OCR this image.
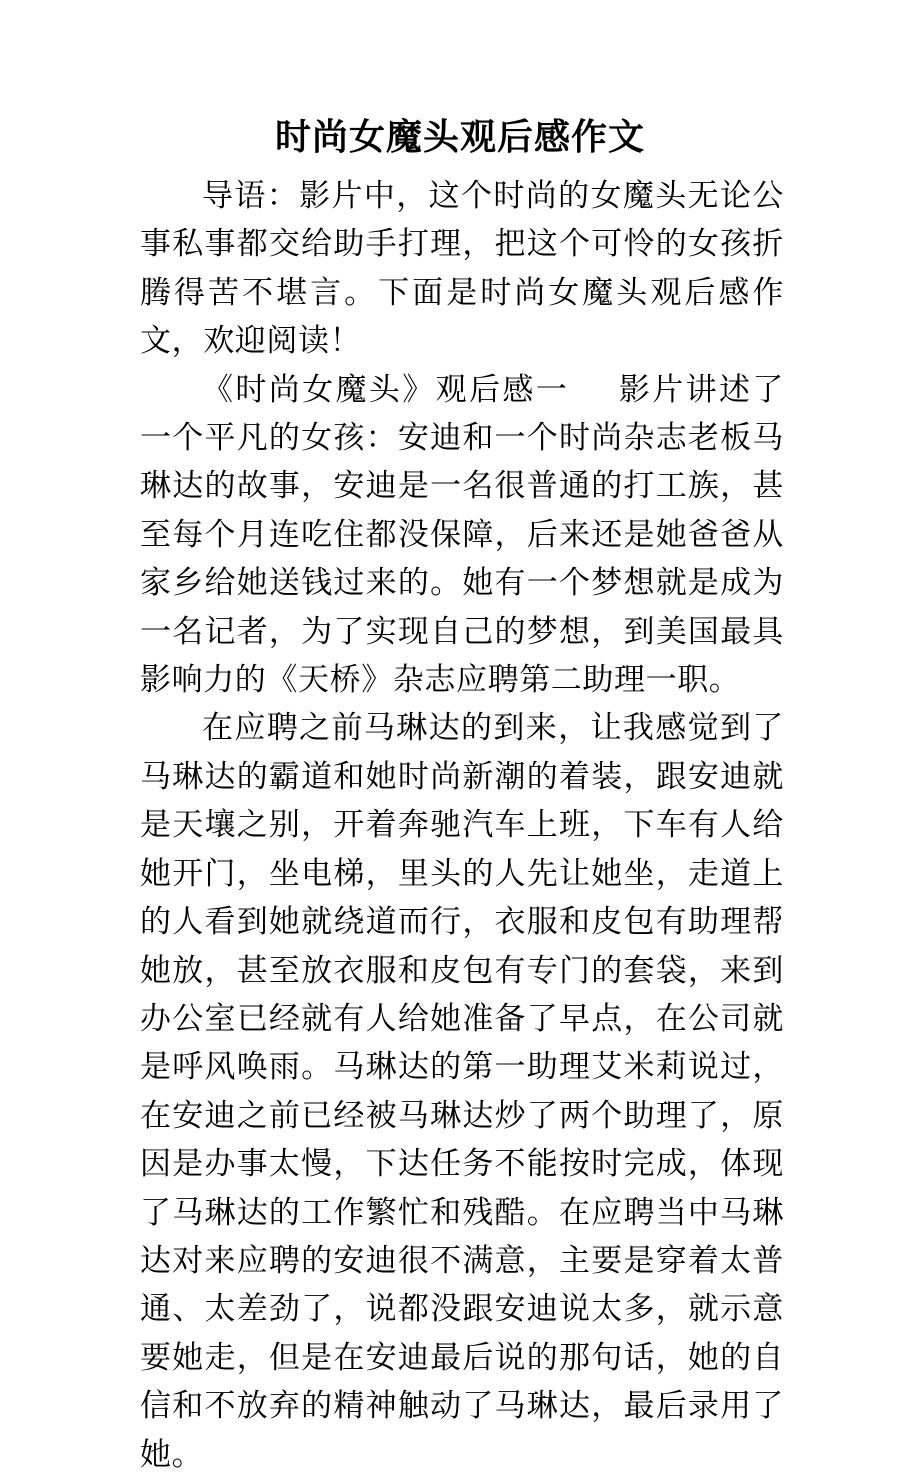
时尚女魔头观后感作文

导语：影片中，这个时尚的女魔头无论公事私事都交给助手打理，把这个可怜的女孩折腾得苦不堪言。下面是时尚女魔头观后感作文，欢迎阅读！

《时尚女魔头》观后感一 影片讲述了一个平凡的女孩：安迪和一个时尚杂志老板马琳达的故事，安迪是一名很普通的打工族，甚至每个月连吃住都没保障，后来还是她爸爸从家乡给她送钱过来的。她有一个梦想就是成为一名记者，为了实现自己的梦想，到美国最具影响力的《天桥》杂志应聘第二助理一职。

在应聘之前马琳达的到来，让我感觉到了马琳达的霸道和她时尚新潮的着装，跟安迪就是天壤之别，开着奔驰汽车上班，下车有人给她开门，坐电梯，里头的人先让她坐，走道上的人看到她就绕道而行，衣服和皮包有助理帮她放，甚至放衣服和皮包有专门的套袋，来到办公室已经就有人给她准备了早点，在公司就是呼风唤雨。马琳达的第一助理艾米莉说过，在安迪之前已经被马琳达炒了两个助理了，原因是办事太慢，下达任务不能按时完成，体现了马琳达的工作繁忙和残酷。在应聘当中马琳达对来应聘的安迪很不满意，主要是穿着太普通、太差劲了，说都没跟安迪说太多，就示意要她走，但是在安迪最后说的那句话，她的自信和不放弃的精神触动了马琳达，最后录用了她。
